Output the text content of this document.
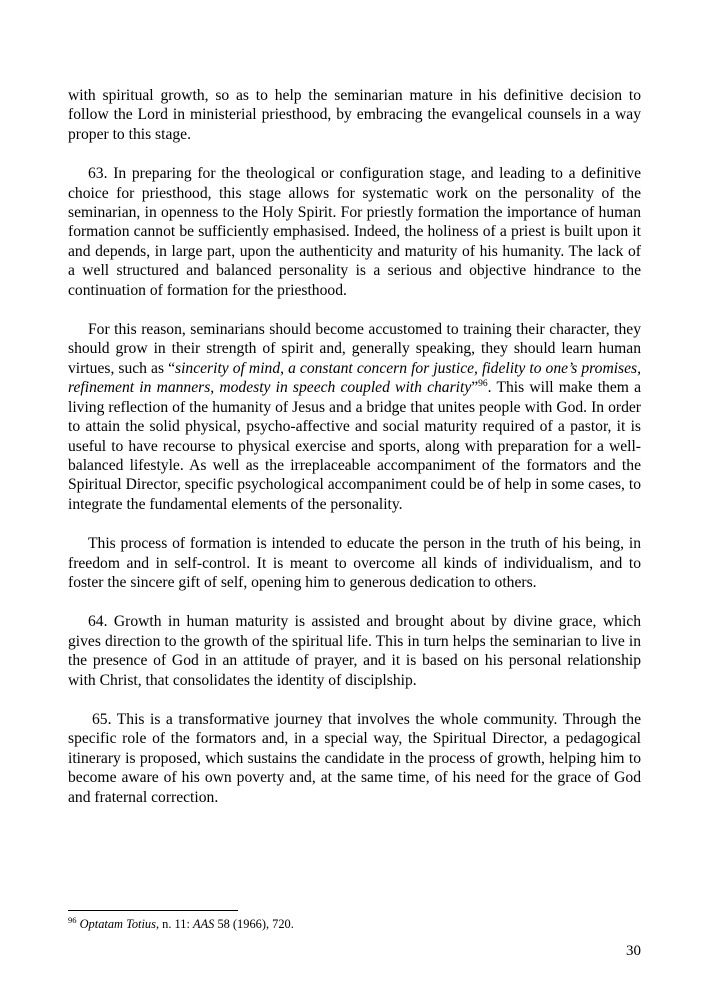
with spiritual growth, so as to help the seminarian mature in his definitive decision to follow the Lord in ministerial priesthood, by embracing the evangelical counsels in a way proper to this stage.

63. In preparing for the theological or configuration stage, and leading to a definitive choice for priesthood, this stage allows for systematic work on the personality of the seminarian, in openness to the Holy Spirit. For priestly formation the importance of human formation cannot be sufficiently emphasised. Indeed, the holiness of a priest is built upon it and depends, in large part, upon the authenticity and maturity of his humanity. The lack of a well structured and balanced personality is a serious and objective hindrance to the continuation of formation for the priesthood.

For this reason, seminarians should become accustomed to training their character, they should grow in their strength of spirit and, generally speaking, they should learn human virtues, such as “sincerity of mind, a constant concern for justice, fidelity to one’s promises, refinement in manners, modesty in speech coupled with charity”$^{96}$. This will make them a living reflection of the humanity of Jesus and a bridge that unites people with God. In order to attain the solid physical, psycho-affective and social maturity required of a pastor, it is useful to have recourse to physical exercise and sports, along with preparation for a well-balanced lifestyle. As well as the irreplaceable accompaniment of the formators and the Spiritual Director, specific psychological accompaniment could be of help in some cases, to integrate the fundamental elements of the personality.

This process of formation is intended to educate the person in the truth of his being, in freedom and in self-control. It is meant to overcome all kinds of individualism, and to foster the sincere gift of self, opening him to generous dedication to others.

64. Growth in human maturity is assisted and brought about by divine grace, which gives direction to the growth of the spiritual life. This in turn helps the seminarian to live in the presence of God in an attitude of prayer, and it is based on his personal relationship with Christ, that consolidates the identity of disciplship.

65. This is a transformative journey that involves the whole community. Through the specific role of the formators and, in a special way, the Spiritual Director, a pedagogical itinerary is proposed, which sustains the candidate in the process of growth, helping him to become aware of his own poverty and, at the same time, of his need for the grace of God and fraternal correction.

$^{96}$ Optatam Totius, n. 11: AAS 58 (1966), 720.
30
